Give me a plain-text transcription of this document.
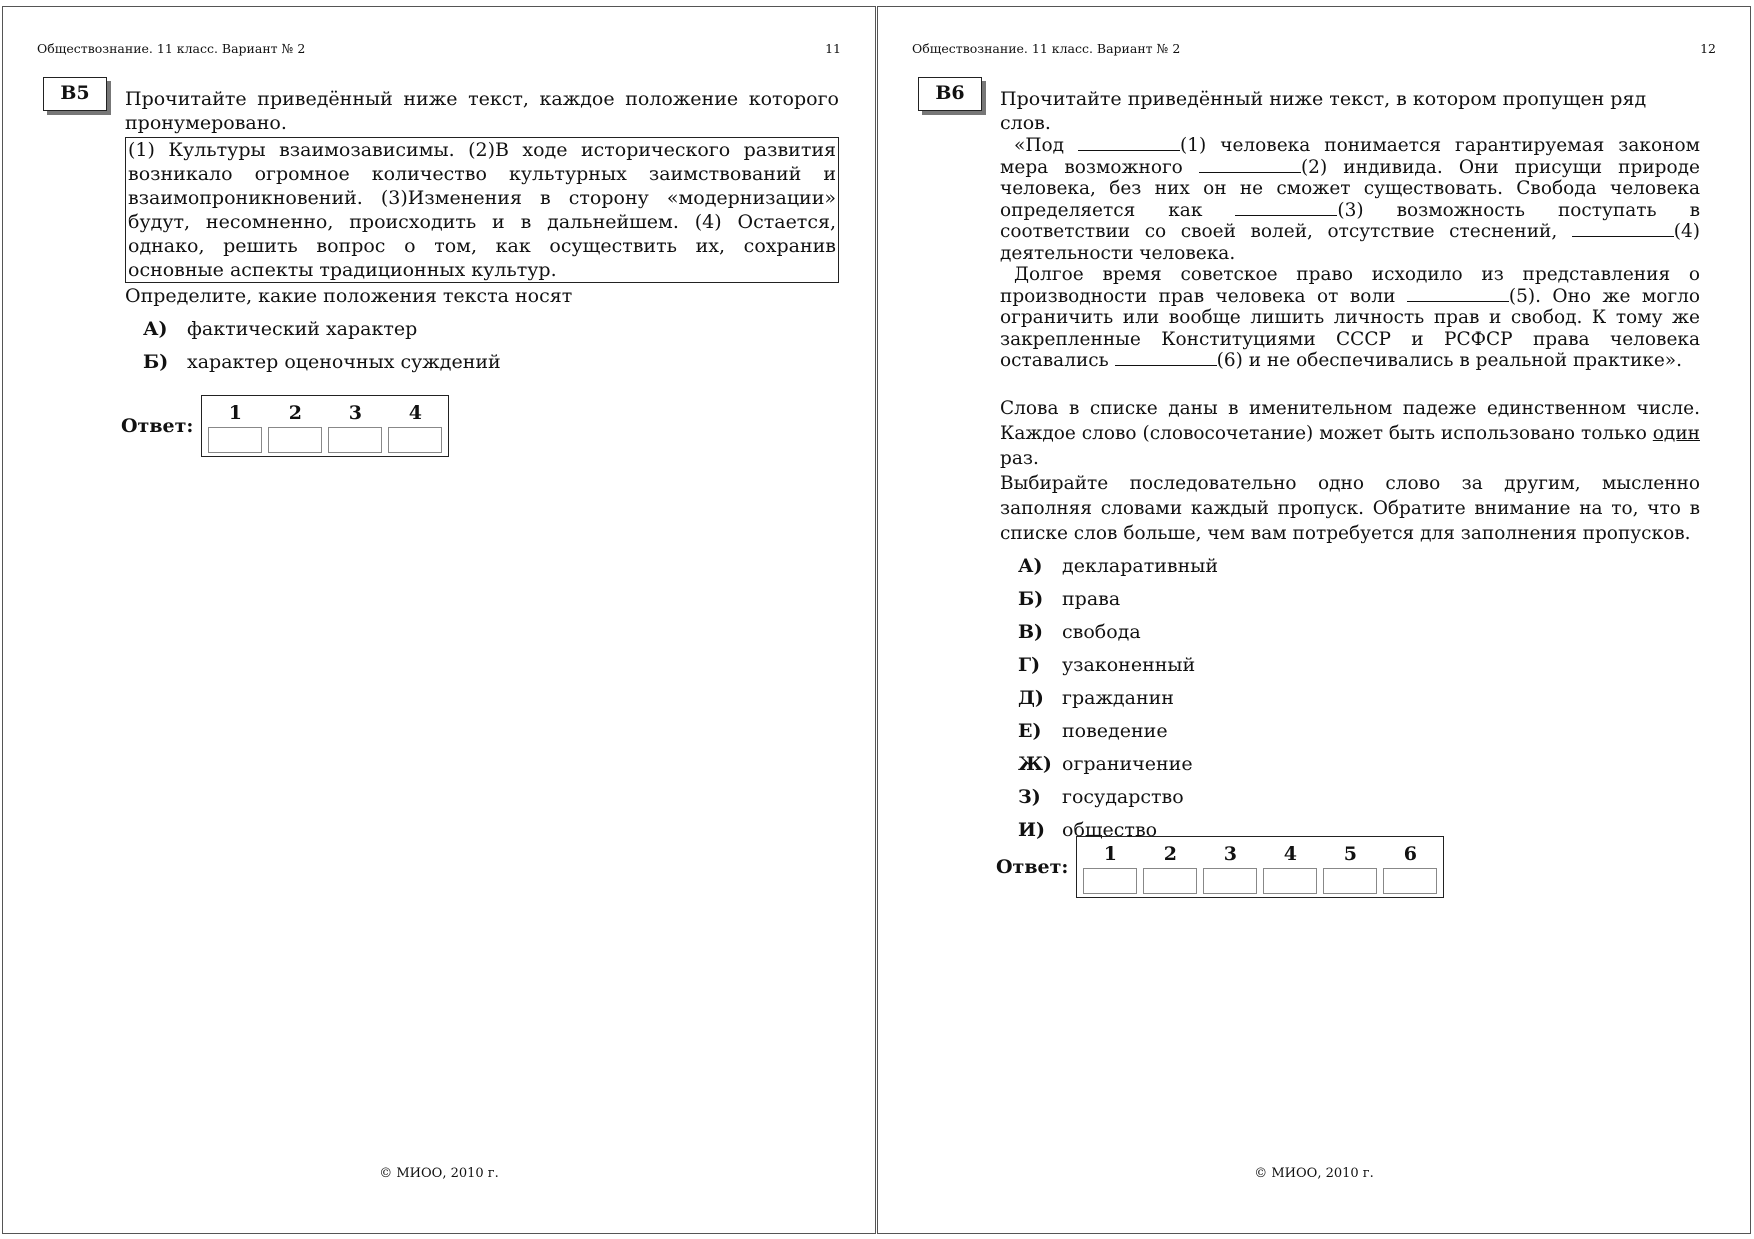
Обществознание. 11 класс. Вариант № 2	11
В5	Прочитайте приведённый ниже текст, каждое положение которого пронумеровано.
(1) Культуры взаимозависимы. (2)В ходе исторического развития возникало огромное количество культурных заимствований и взаимопроникновений. (3)Изменения в сторону «модернизации» будут, несомненно, происходить и в дальнейшем. (4) Остается, однако, решить вопрос о том, как осуществить их, сохранив основные аспекты традиционных культур.
Определите, какие положения текста носят
А)	фактический характер
Б) характер оценочных суждений
Ответ:
1	2	3	4
© МИОО, 2010 г.
Обществознание. 11 класс. Вариант № 2	12
В6	Прочитайте приведённый ниже текст, в котором пропущен ряд слов.
«Под	(1) человека понимается гарантируемая законом мера возможного	(2) индивида. Они присущи природе человека, без них он не сможет существовать. Свобода человека определяется как	(3) возможность поступать в соответствии со своей волей, отсутствие стеснений,	(4) деятельности человека.
Долгое время советское право исходило из представления о производности прав человека от воли	(5). Оно же могло ограничить или вообще лишить личность прав и свобод. К тому же закрепленные Конституциями СССР и РСФСР права человека оставались	(6) и не обеспечивались в реальной практике».
Слова в списке даны в именительном падеже единственном числе. Каждое слово (словосочетание) может быть использовано только один раз.
Выбирайте последовательно одно слово за другим, мысленно заполняя словами каждый пропуск. Обратите внимание на то, что в списке слов больше, чем вам потребуется для заполнения пропусков.
А)	декларативный
Б) права
В) свобода
Г)	узаконенный
Д) гражданин
Е)	поведение
Ж) ограничение
З)	государство
И) общество
Ответ:
1	2	3	4	5	6
© МИОО, 2010 г.
